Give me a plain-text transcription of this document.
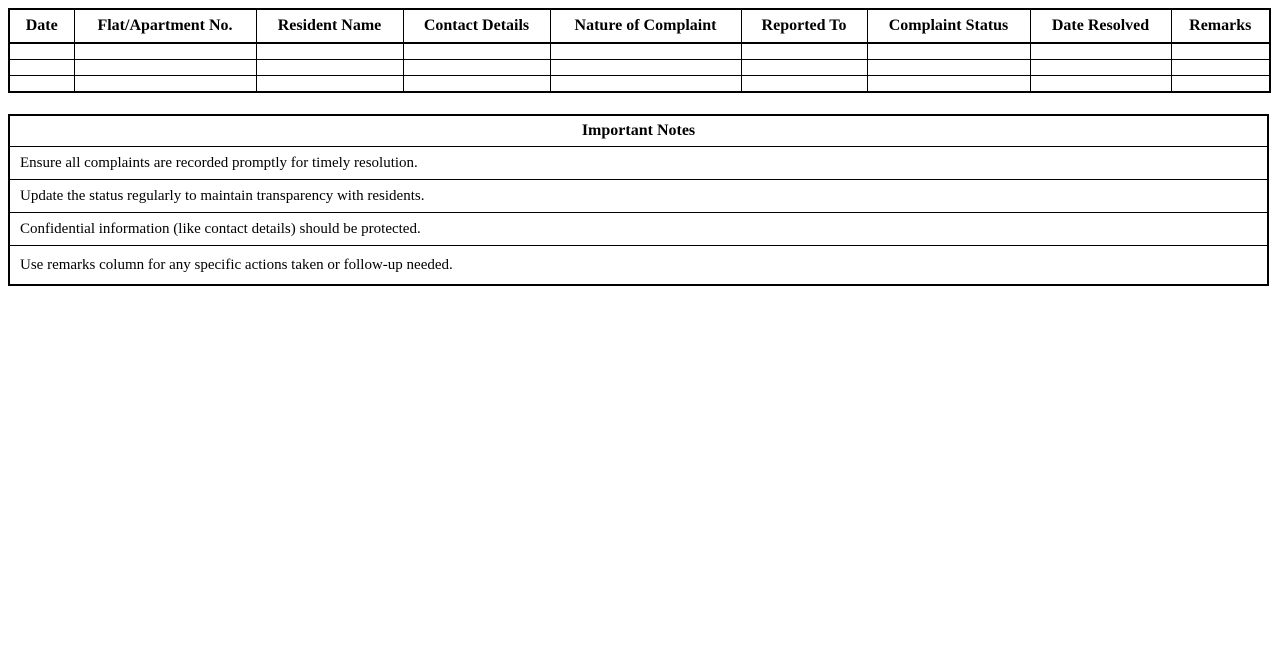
Date	Flat/Apartment No.	Resident Name	Contact Details	Nature of Complaint	Reported To	Complaint Status	Date Resolved	Remarks

Important Notes
Ensure all complaints are recorded promptly for timely resolution.
Update the status regularly to maintain transparency with residents.
Confidential information (like contact details) should be protected.
Use remarks column for any specific actions taken or follow-up needed.
